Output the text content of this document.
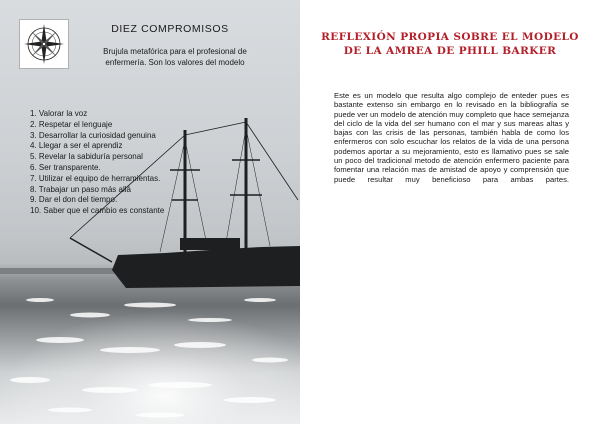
DIEZ COMPROMISOS
Brujula metafórica para el profesional de enfermería. Son los valores del modelo
1. Valorar la voz
2. Respetar el lenguaje
3. Desarrollar la curiosidad genuina
4. Llegar a ser el aprendiz
5. Revelar la sabiduría personal
6. Ser transparente.
7. Utilizar el equipo de herramientas.
8. Trabajar un paso más allá
9. Dar el don del tiempo.
10. Saber que el cambio es constante
REFLEXIÓN PROPIA SOBRE EL MODELO DE LA AMREA DE PHILL BARKER

Este es un modelo que resulta algo complejo de enteder pues es bastante extenso sin embargo en lo revisado en la bibliografía se puede ver un modelo de atención muy completo que hace semejanza del ciclo de la vida del ser humano con el mar y sus mareas altas y bajas con las crisis de las personas, también habla de como los enfermeros con solo escuchar los relatos de la vida de una persona podemos aportar a su mejoramiento, esto es llamativo pues se sale un poco del tradicional metodo de atención enfermero paciente para fomentar una relación mas de amistad de apoyo y comprensión que puede resultar muy beneficioso para ambas partes.
